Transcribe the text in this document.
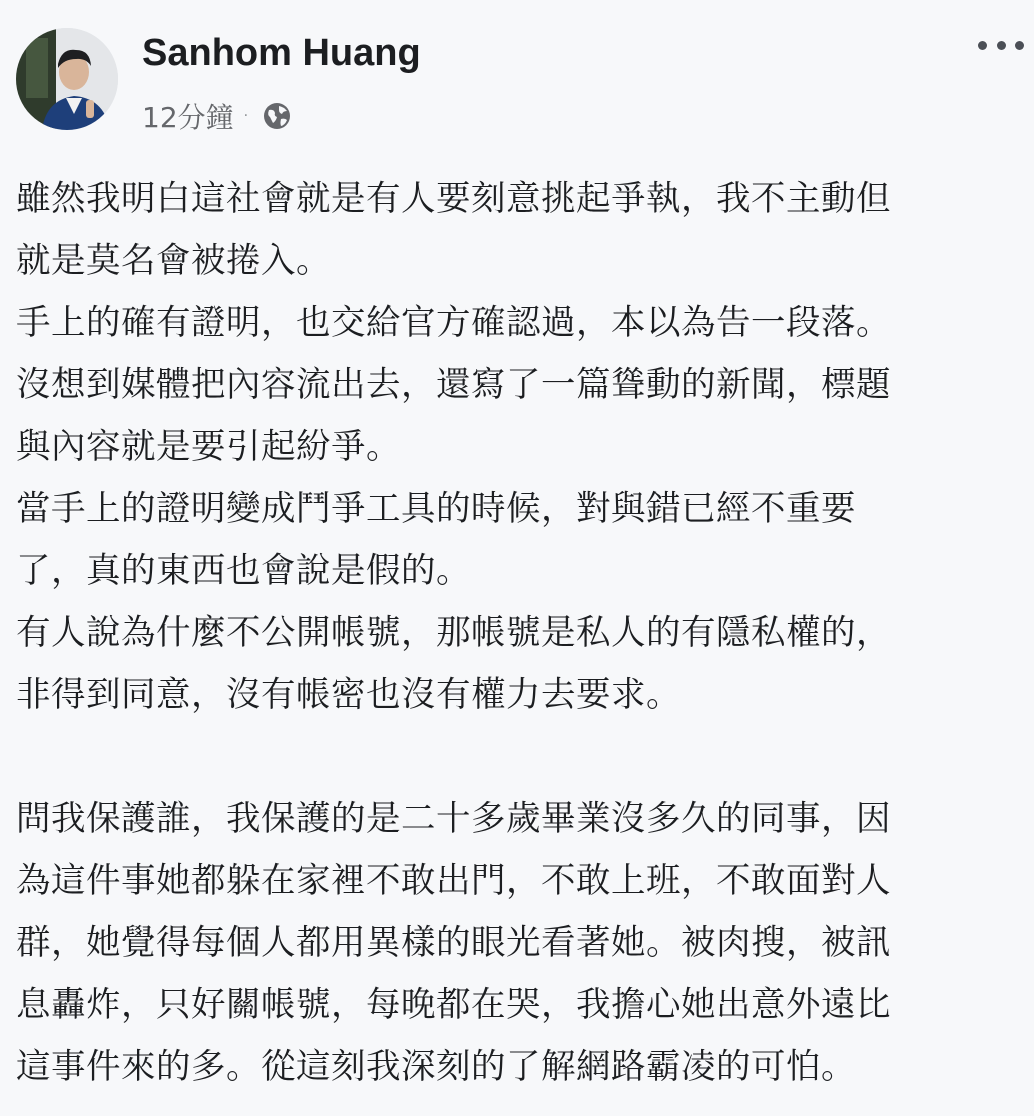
Sanhom Huang
12分鐘 ·
雖然我明白這社會就是有人要刻意挑起爭執，我不主動但
就是莫名會被捲入。
手上的確有證明，也交給官方確認過，本以為告一段落。
沒想到媒體把內容流出去，還寫了一篇聳動的新聞，標題
與內容就是要引起紛爭。
當手上的證明變成鬥爭工具的時候，對與錯已經不重要
了，真的東西也會說是假的。
有人說為什麼不公開帳號，那帳號是私人的有隱私權的，
非得到同意，沒有帳密也沒有權力去要求。
問我保護誰，我保護的是二十多歲畢業沒多久的同事，因
為這件事她都躲在家裡不敢出門，不敢上班，不敢面對人
群，她覺得每個人都用異樣的眼光看著她。被肉搜，被訊
息轟炸，只好關帳號，每晚都在哭，我擔心她出意外遠比
這事件來的多。從這刻我深刻的了解網路霸凌的可怕。
